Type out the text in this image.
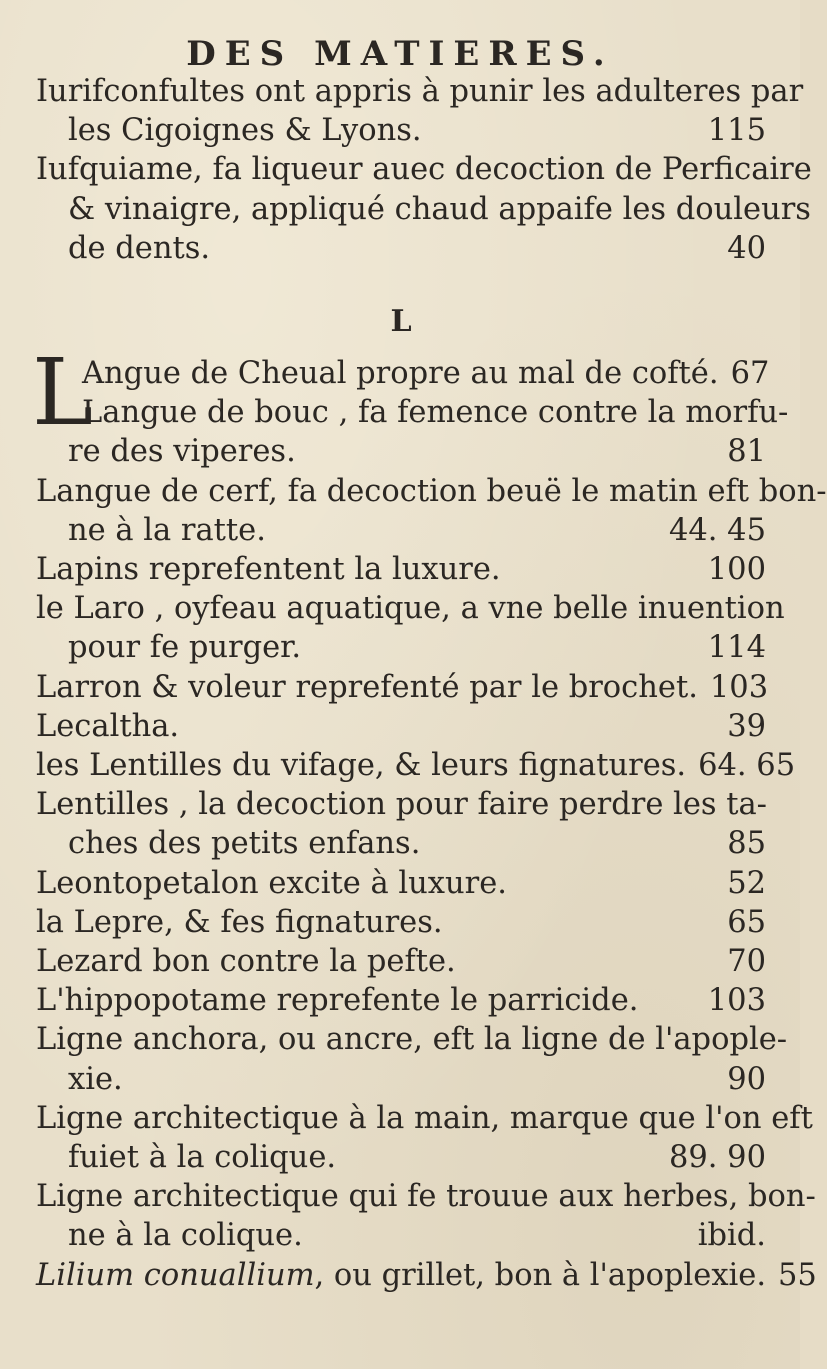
DES MATIERES.
Iurifconfultes ont appris à punir les adulteres par
les Cigoignes & Lyons.	115
Iufquiame, fa liqueur auec decoction de Perficaire
& vinaigre, appliqué chaud appaife les douleurs
de dents.	40
L
L
Angue de Cheual propre au mal de cofté. 67
Langue de bouc , fa femence contre la morfu-
re des viperes.	81
Langue de cerf, fa decoction beuë le matin eft bon-
ne à la ratte.	44. 45
Lapins reprefentent la luxure.	100
le Laro , oyfeau aquatique, a vne belle inuention
pour fe purger.	114
Larron & voleur reprefenté par le brochet. 103
Lecaltha.	39
les Lentilles du vifage, & leurs fignatures. 64. 65
Lentilles , la decoction pour faire perdre les ta-
ches des petits enfans.	85
Leontopetalon excite à luxure.	52
la Lepre, & fes fignatures.	65
Lezard bon contre la pefte.	70
L'hippopotame reprefente le parricide.	103
Ligne anchora, ou ancre, eft la ligne de l'apople-
xie.	90
Ligne architectique à la main, marque que l'on eft
fuiet à la colique.	89. 90
Ligne architectique qui fe trouue aux herbes, bon-
ne à la colique.	ibid.
Lilium conuallium, ou grillet, bon à l'apoplexie. 55
